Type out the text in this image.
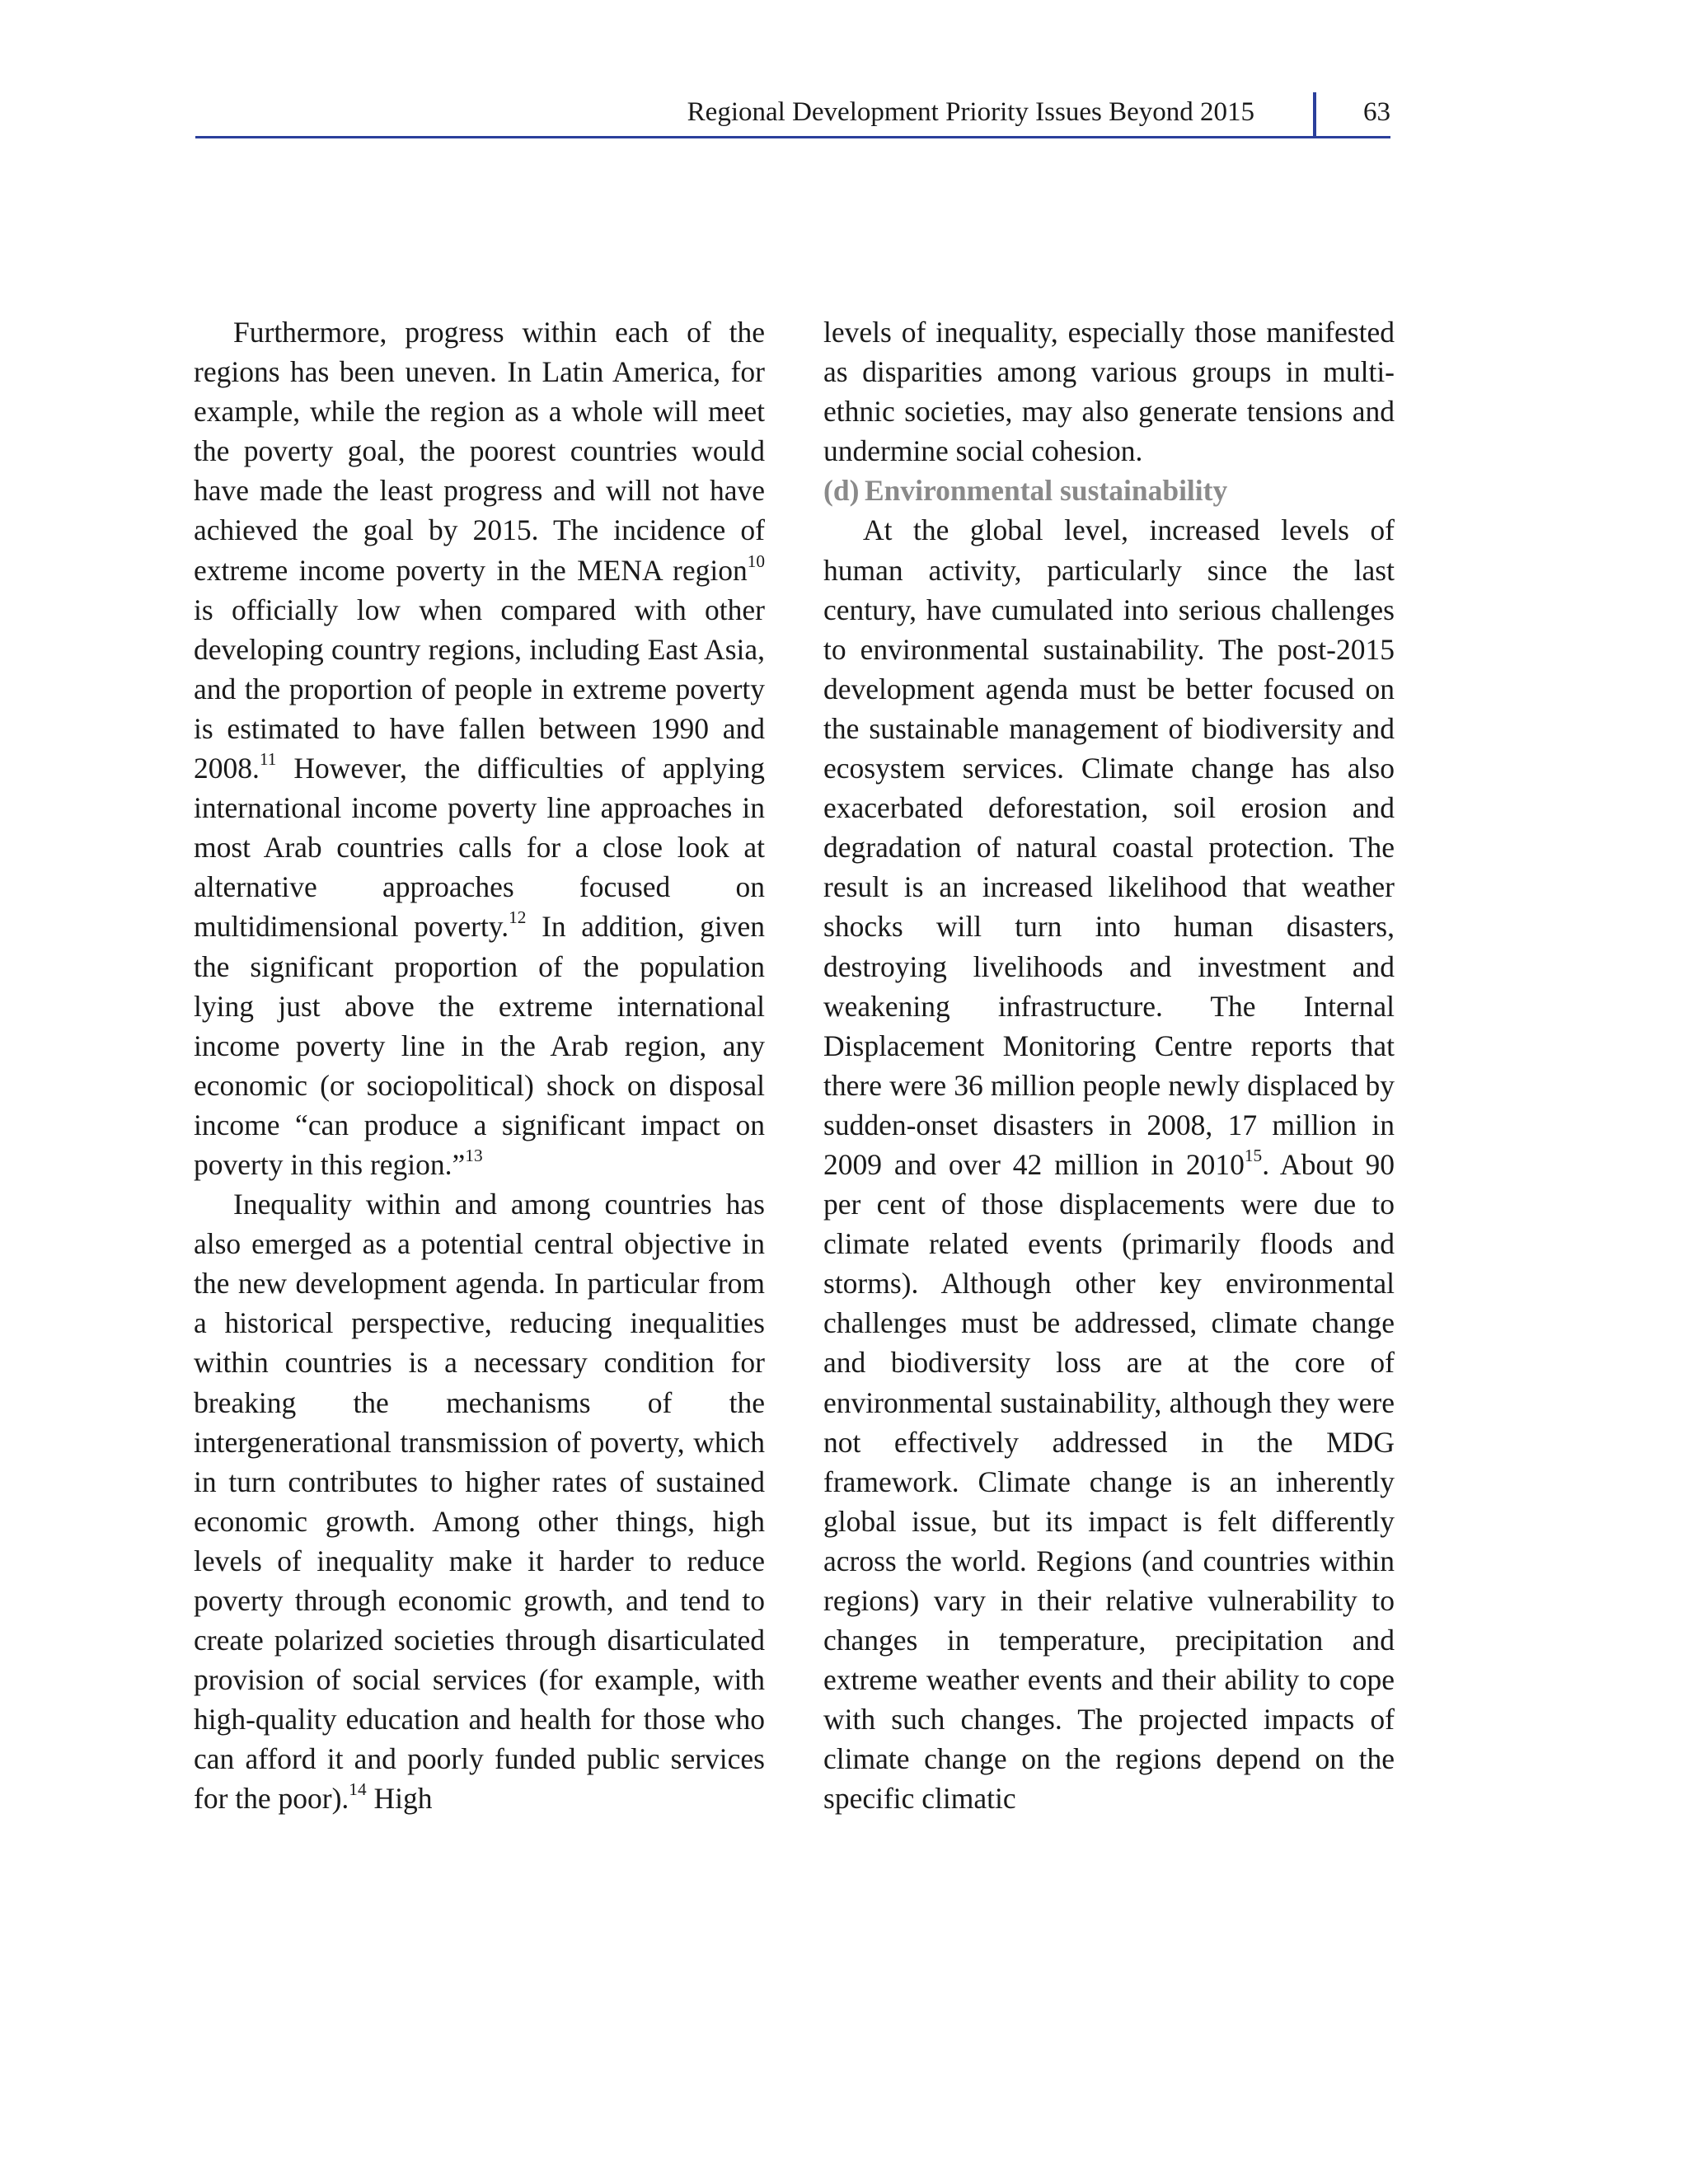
Regional Development Priority Issues Beyond 2015	63

Furthermore, progress within each of the regions has been uneven. In Latin America, for example, while the region as a whole will meet the poverty goal, the poorest countries would have made the least progress and will not have achieved the goal by 2015. The incidence of extreme income poverty in the MENA region$^{10}$ is officially low when compared with other developing country regions, including East Asia, and the proportion of people in extreme poverty is estimated to have fallen between 1990 and 2008.11 However, the difficulties of applying international income poverty line approaches in most Arab countries calls for a close look at alternative approaches focused on multidimensional poverty.$^{12}$ In addition, given the significant proportion of the population lying just above the extreme international income poverty line in the Arab region, any economic (or sociopolitical) shock on disposal income “can produce a significant impact on poverty in this region.”$^{13}$

Inequality within and among countries has also emerged as a potential central objective in the new development agenda. In particular from a historical perspective, reducing inequalities within countries is a necessary condition for breaking the mechanisms of the intergenerational transmission of poverty, which in turn contributes to higher rates of sustained economic growth. Among other things, high levels of inequality make it harder to reduce poverty through economic growth, and tend to create polarized societies through disarticulated provision of social services (for example, with high-quality education and health for those who can afford it and poorly funded public services for the poor).$^{14}$ High

levels of inequality, especially those manifested as disparities among various groups in multi-ethnic societies, may also generate tensions and undermine social cohesion.

(d) Environmental sustainability

At the global level, increased levels of human activity, particularly since the last century, have cumulated into serious challenges to environmental sustainability. The post-2015 development agenda must be better focused on the sustainable management of biodiversity and ecosystem services. Climate change has also exacerbated deforestation, soil erosion and degradation of natural coastal protection. The result is an increased likelihood that weather shocks will turn into human disasters, destroying livelihoods and investment and weakening infrastructure. The Internal Displacement Monitoring Centre reports that there were 36 million people newly displaced by sudden-onset disasters in 2008, 17 million in 2009 and over 42 million in 2010$^{15}$. About 90 per cent of those displacements were due to climate related events (primarily floods and storms). Although other key environmental challenges must be addressed, climate change and biodiversity loss are at the core of environmental sustainability, although they were not effectively addressed in the MDG framework. Climate change is an inherently global issue, but its impact is felt differently across the world. Regions (and countries within regions) vary in their relative vulnerability to changes in temperature, precipitation and extreme weather events and their ability to cope with such changes. The projected impacts of climate change on the regions depend on the specific climatic
